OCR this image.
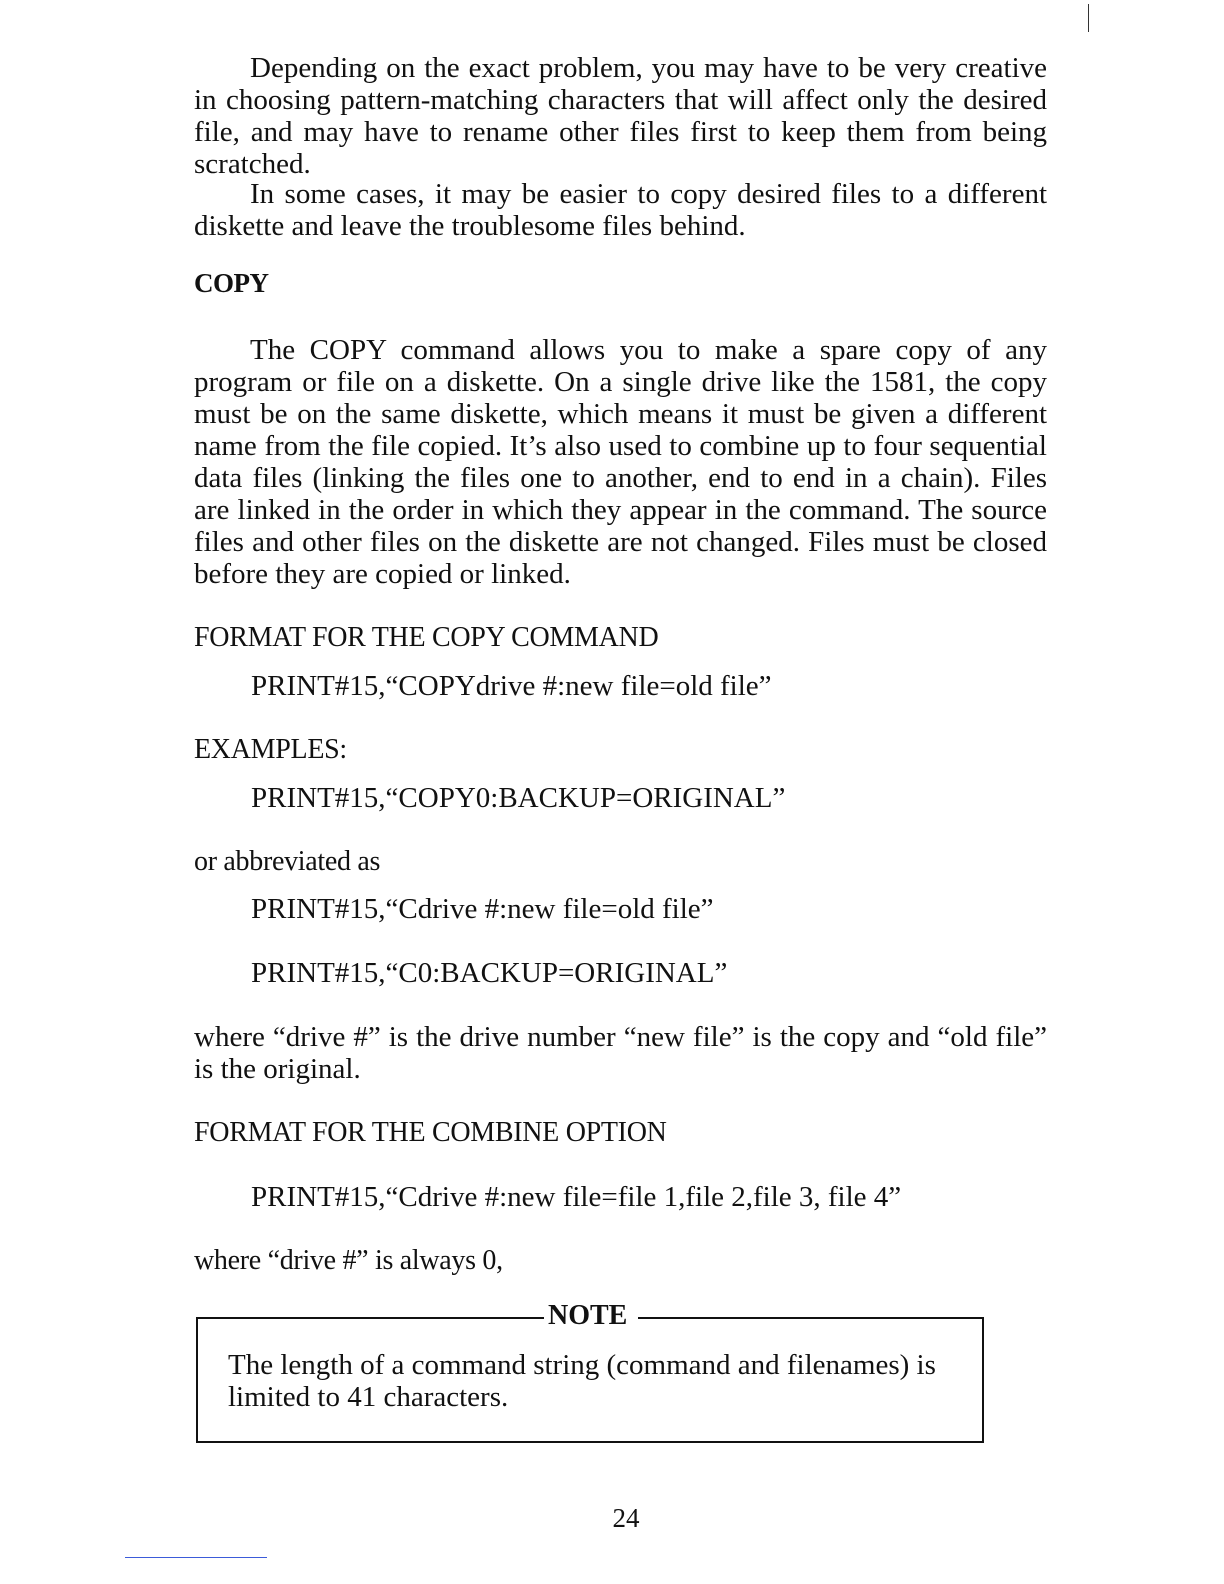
Depending on the exact problem, you may have to be very creative in choosing pattern-matching characters that will affect only the desired file, and may have to rename other files first to keep them from being scratched.

In some cases, it may be easier to copy desired files to a different diskette and leave the troublesome files behind.

COPY

The COPY command allows you to make a spare copy of any program or file on a diskette. On a single drive like the 1581, the copy must be on the same diskette, which means it must be given a different name from the file copied. It’s also used to combine up to four sequential data files (linking the files one to another, end to end in a chain). Files are linked in the order in which they appear in the command. The source files and other files on the diskette are not changed. Files must be closed before they are copied or linked.

FORMAT FOR THE COPY COMMAND

PRINT#15,“COPYdrive #:new file=old file”

EXAMPLES:

PRINT#15,“COPY0:BACKUP=ORIGINAL”

or abbreviated as

PRINT#15,“Cdrive #:new file=old file”

PRINT#15,“C0:BACKUP=ORIGINAL”

where “drive #” is the drive number “new file” is the copy and “old file” is the original.

FORMAT FOR THE COMBINE OPTION

PRINT#15,“Cdrive #:new file=file 1,file 2,file 3, file 4”

where “drive #” is always 0,

NOTE

The length of a command string (command and filenames) is limited to 41 characters.

24
